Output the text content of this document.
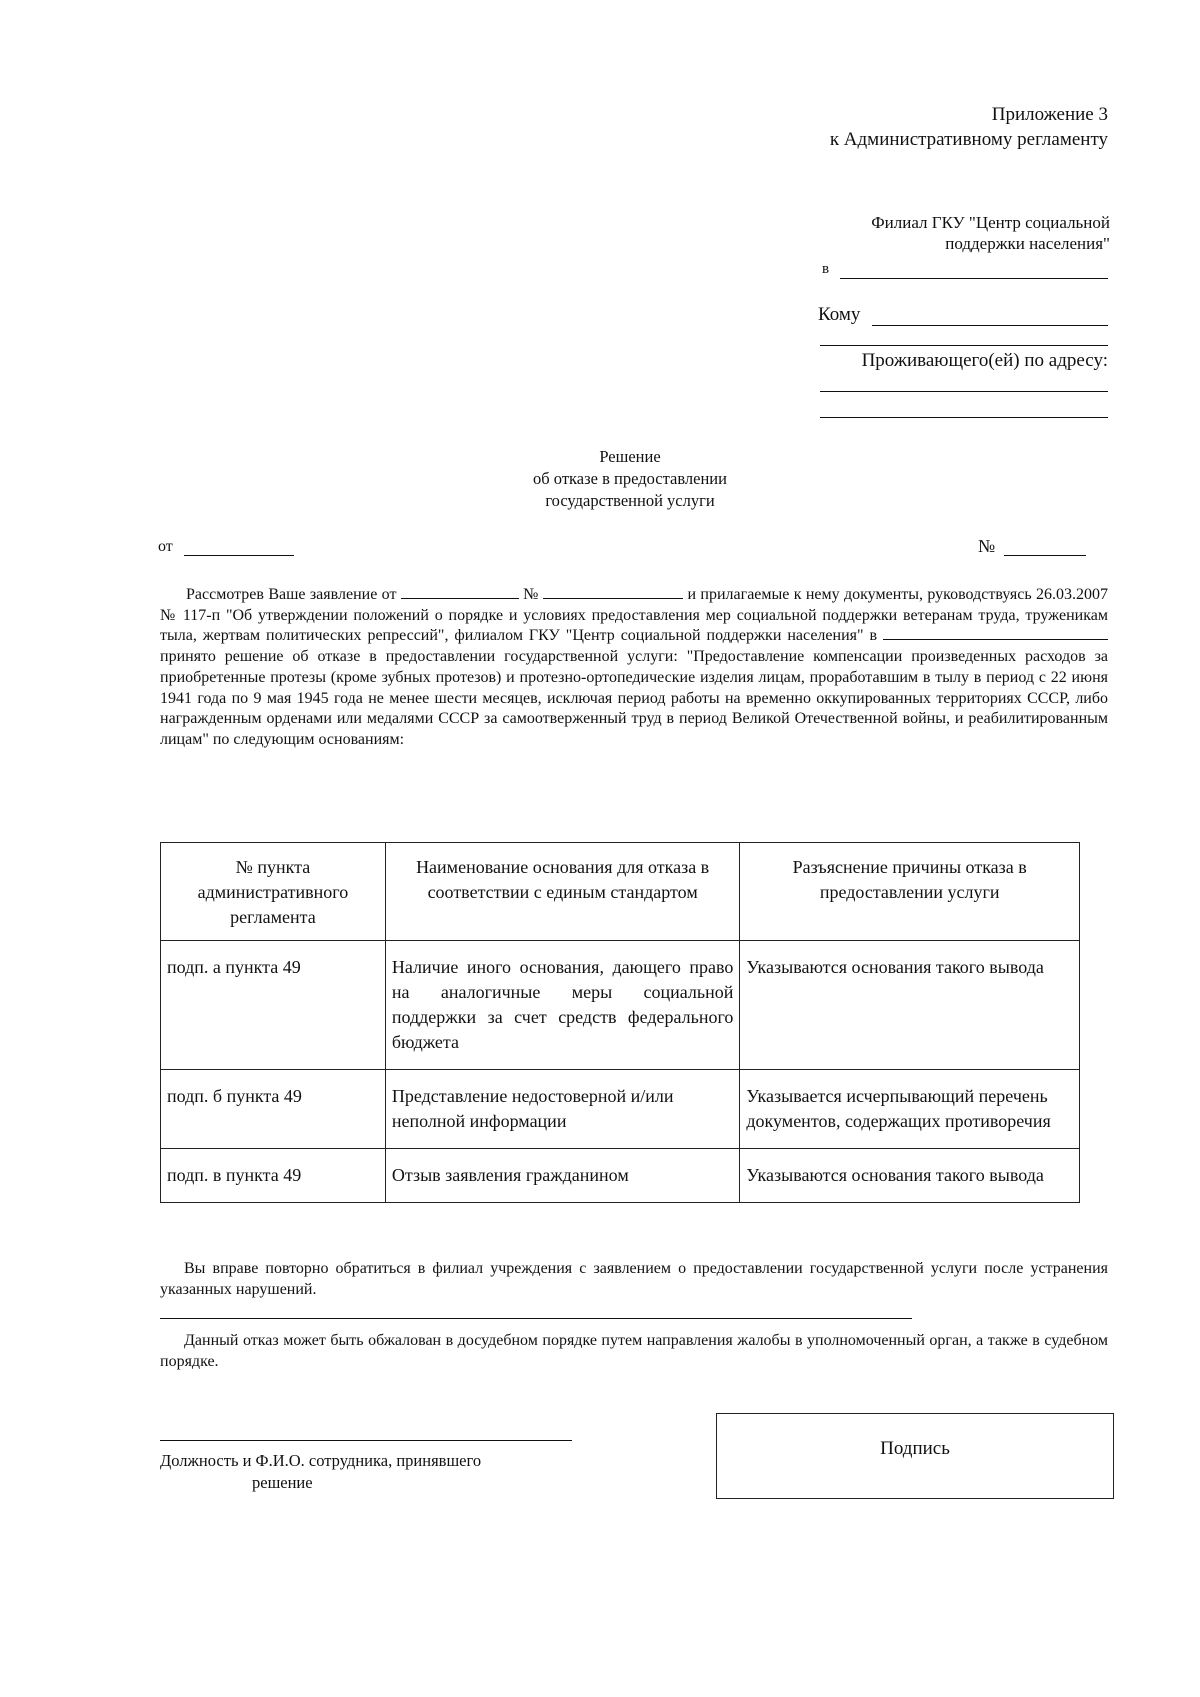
Приложение 3
к Административному регламенту
Филиал ГКУ "Центр социальной
поддержки населения"
в
Кому
Проживающего(ей) по адресу:
Решение
об отказе в предоставлении
государственной услуги
от	№
Рассмотрев Ваше заявление от	№	и прилагаемые к нему документы, руководствуясь 26.03.2007 № 117-п "Об утверждении положений о порядке и условиях предоставления мер социальной поддержки ветеранам труда, труженикам тыла, жертвам политических репрессий", филиалом ГКУ "Центр социальной поддержки населения" в  принято решение об отказе в предоставлении государственной услуги: "Предоставление компенсации произведенных расходов за приобретенные протезы (кроме зубных протезов) и протезно-ортопедические изделия лицам, проработавшим в тылу в период с 22 июня 1941 года по 9 мая 1945 года не менее шести месяцев, исключая период работы на временно оккупированных территориях СССР, либо награжденным орденами или медалями СССР за самоотверженный труд в период Великой Отечественной войны, и реабилитированным лицам" по следующим основаниям:
№ пункта административного регламента	Наименование основания для отказа в соответствии с единым стандартом	Разъяснение причины отказа в предоставлении услуги
подп. а пункта 49	Наличие иного основания, дающего право на аналогичные меры социальной поддержки за счет средств федерального бюджета	Указываются основания такого вывода
подп. б пункта 49	Представление недостоверной и/или неполной информации	Указывается исчерпывающий перечень документов, содержащих противоречия
подп. в пункта 49	Отзыв заявления гражданином	Указываются основания такого вывода
Вы вправе повторно обратиться в филиал учреждения с заявлением о предоставлении государственной услуги после устранения указанных нарушений.
Данный отказ может быть обжалован в досудебном порядке путем направления жалобы в уполномоченный орган, а также в судебном порядке.
Должность и Ф.И.О. сотрудника, принявшего
решение
Подпись
